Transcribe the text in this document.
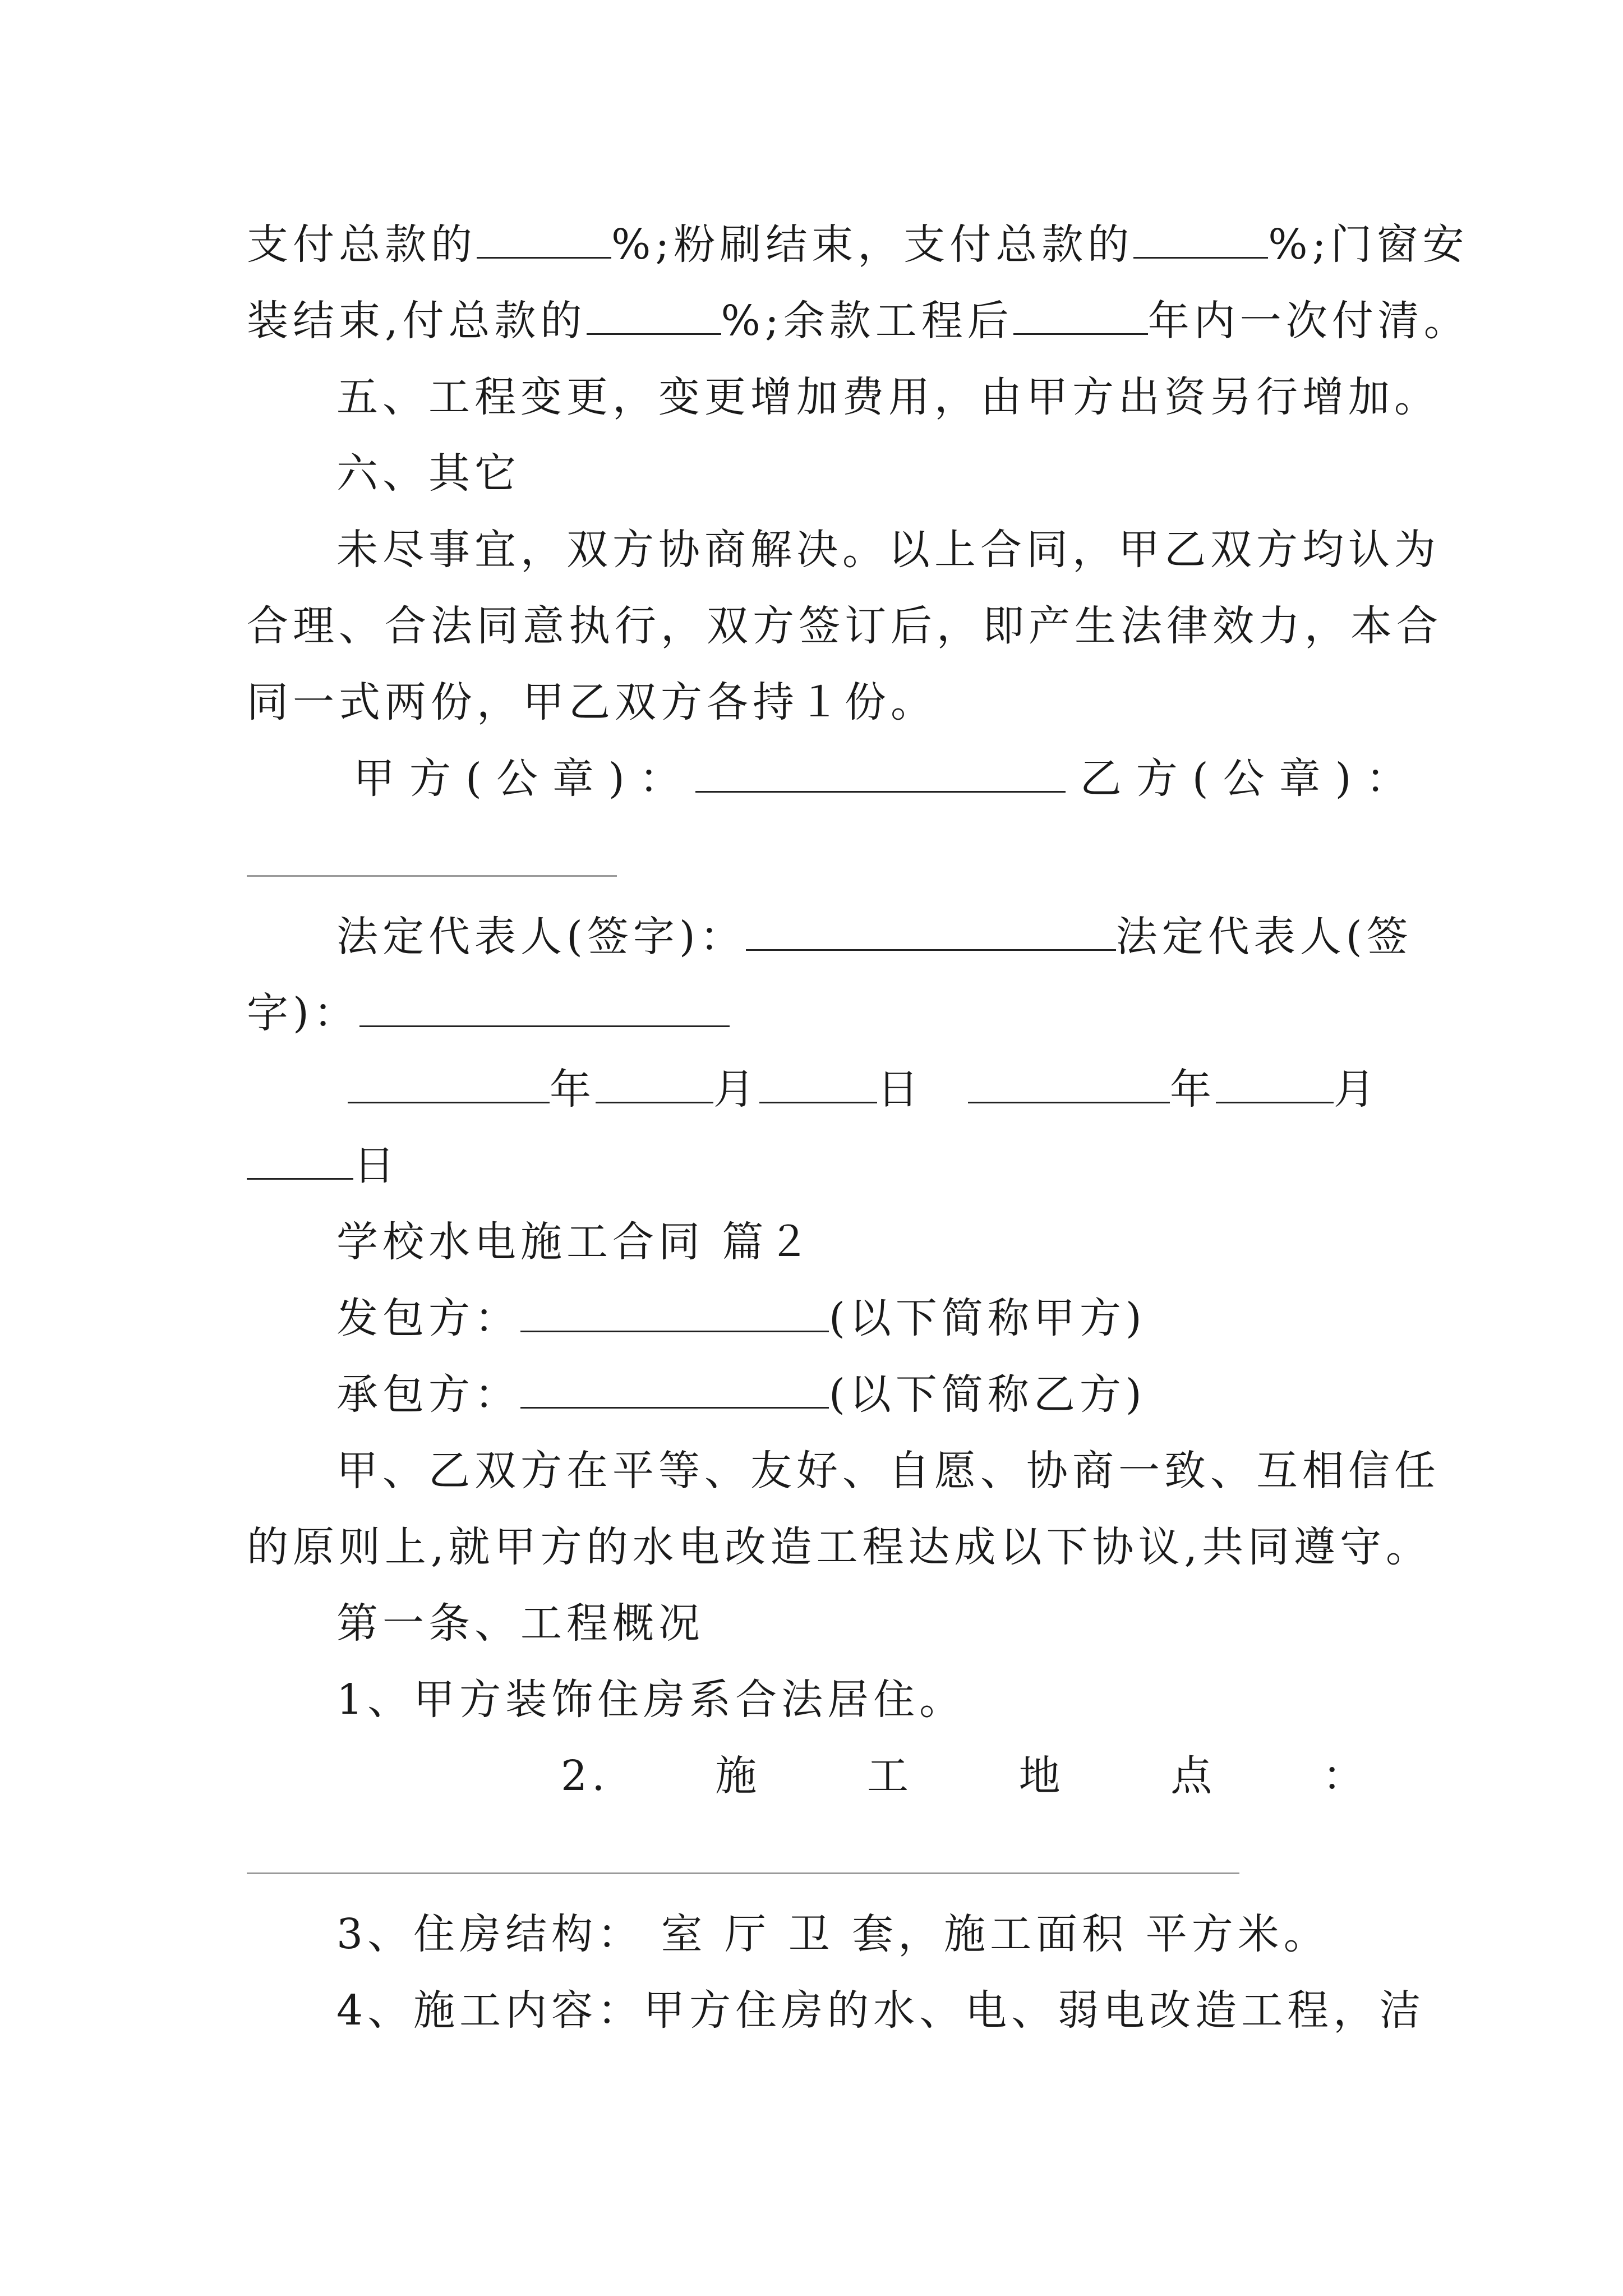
支付总款的	%;粉刷结束，支付总款的	%;门窗安
装结束,付总款的	%;余款工程后	年内一次付清。
五、工程变更，变更增加费用，由甲方出资另行增加。
六、其它
未尽事宜，双方协商解决。以上合同，甲乙双方均认为
合理、合法同意执行，双方签订后，即产生法律效力，本合
同一式两份，甲乙双方各持１份。
甲方(公章)：	乙方(公章)：
法定代表人(签字)：	法定代表人(签
字)：
年	月	日	年	月
日
学校水电施工合同 篇２
发包方：	(以下简称甲方)
承包方：	(以下简称乙方)
甲、乙双方在平等、友好、自愿、协商一致、互相信任
的原则上,就甲方的水电改造工程达成以下协议,共同遵守。
第一条、工程概况
1、甲方装饰住房系合法居住。
2.	施	工	地	点	：
3、住房结构： 室 厅 卫 套，施工面积 平方米。
4、施工内容：甲方住房的水、电、弱电改造工程，洁
